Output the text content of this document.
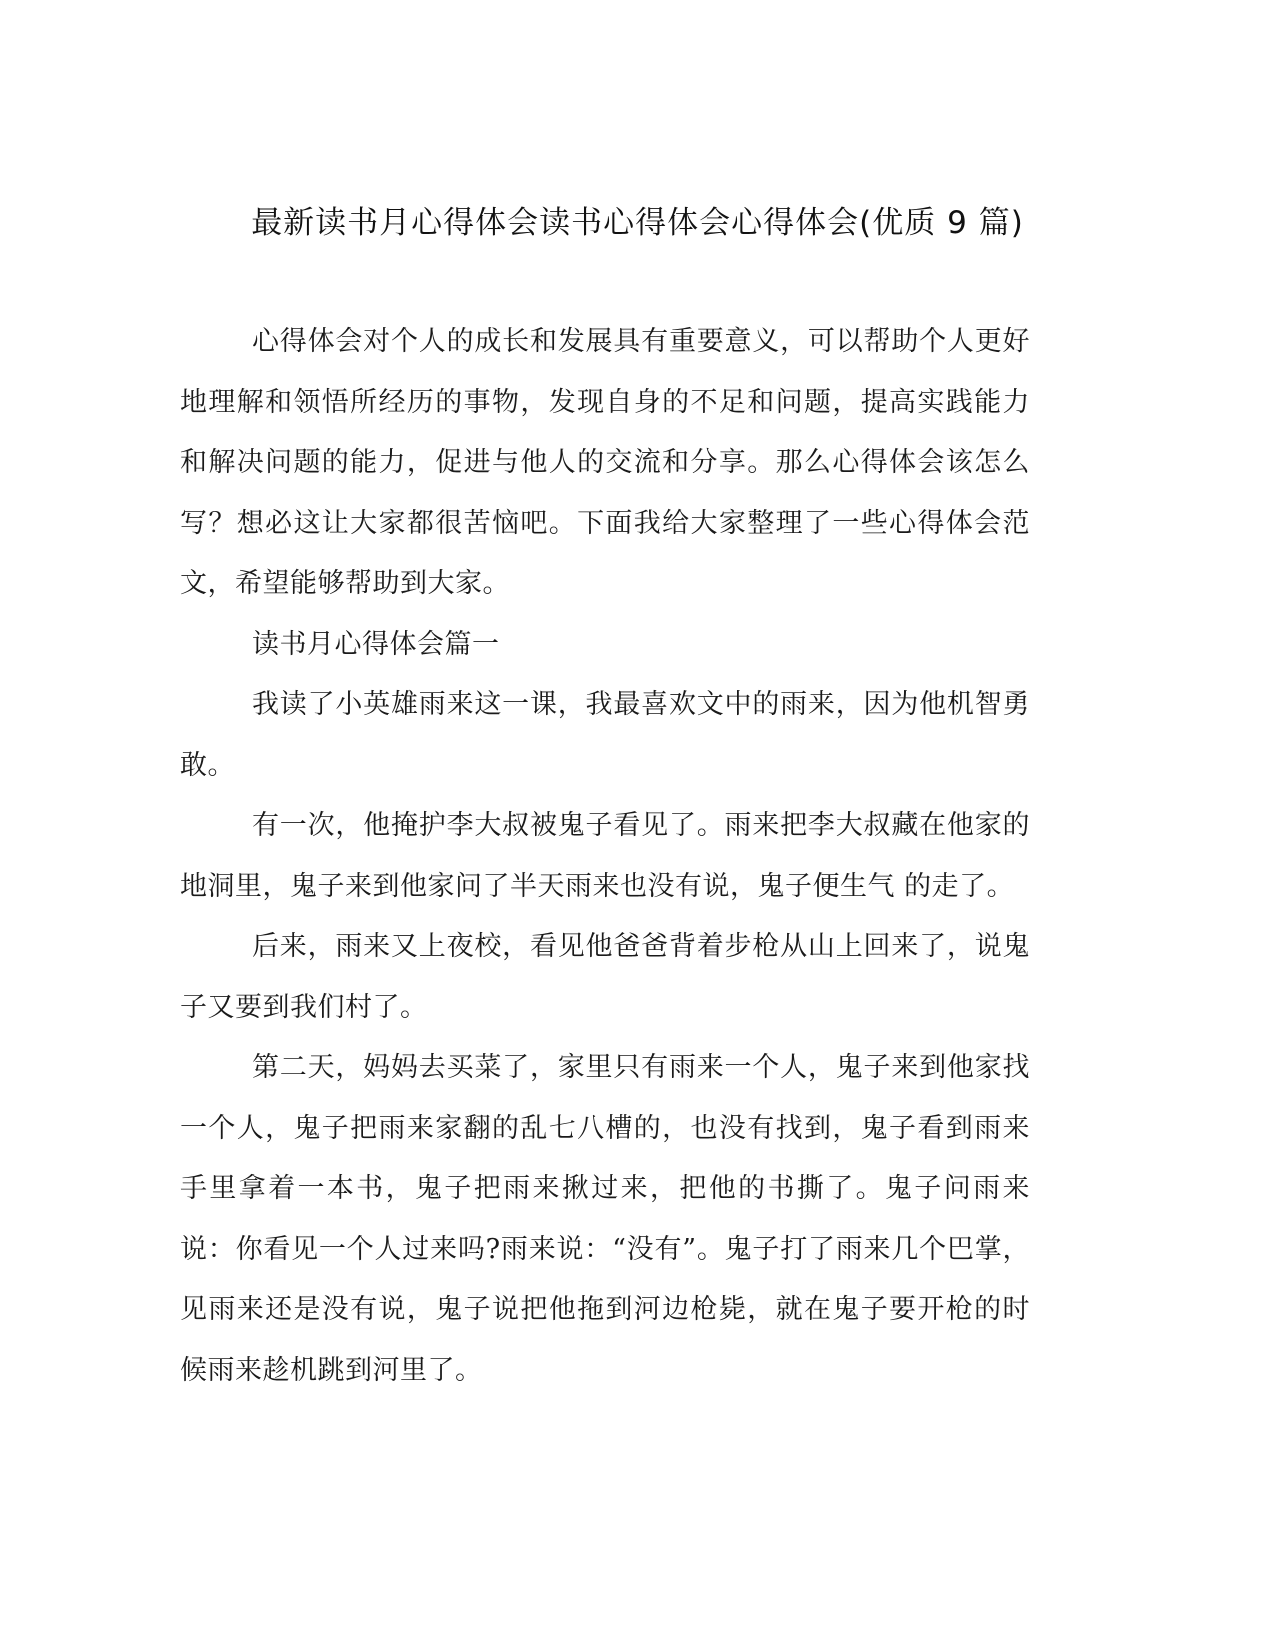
最新读书月心得体会读书心得体会心得体会(优质 9 篇)

心得体会对个人的成长和发展具有重要意义，可以帮助个人更好地理解和领悟所经历的事物，发现自身的不足和问题，提高实践能力和解决问题的能力，促进与他人的交流和分享。那么心得体会该怎么写？想必这让大家都很苦恼吧。下面我给大家整理了一些心得体会范文，希望能够帮助到大家。

读书月心得体会篇一

我读了小英雄雨来这一课，我最喜欢文中的雨来，因为他机智勇敢。

有一次，他掩护李大叔被鬼子看见了。雨来把李大叔藏在他家的地洞里，鬼子来到他家问了半天雨来也没有说，鬼子便生气 的走了。

后来，雨来又上夜校，看见他爸爸背着步枪从山上回来了，说鬼子又要到我们村了。

第二天，妈妈去买菜了，家里只有雨来一个人，鬼子来到他家找一个人，鬼子把雨来家翻的乱七八槽的，也没有找到，鬼子看到雨来手里拿着一本书，鬼子把雨来揪过来，把他的书撕了。鬼子问雨来说：你看见一个人过来吗?雨来说：“没有”。鬼子打了雨来几个巴掌，见雨来还是没有说，鬼子说把他拖到河边枪毙，就在鬼子要开枪的时候雨来趁机跳到河里了。
